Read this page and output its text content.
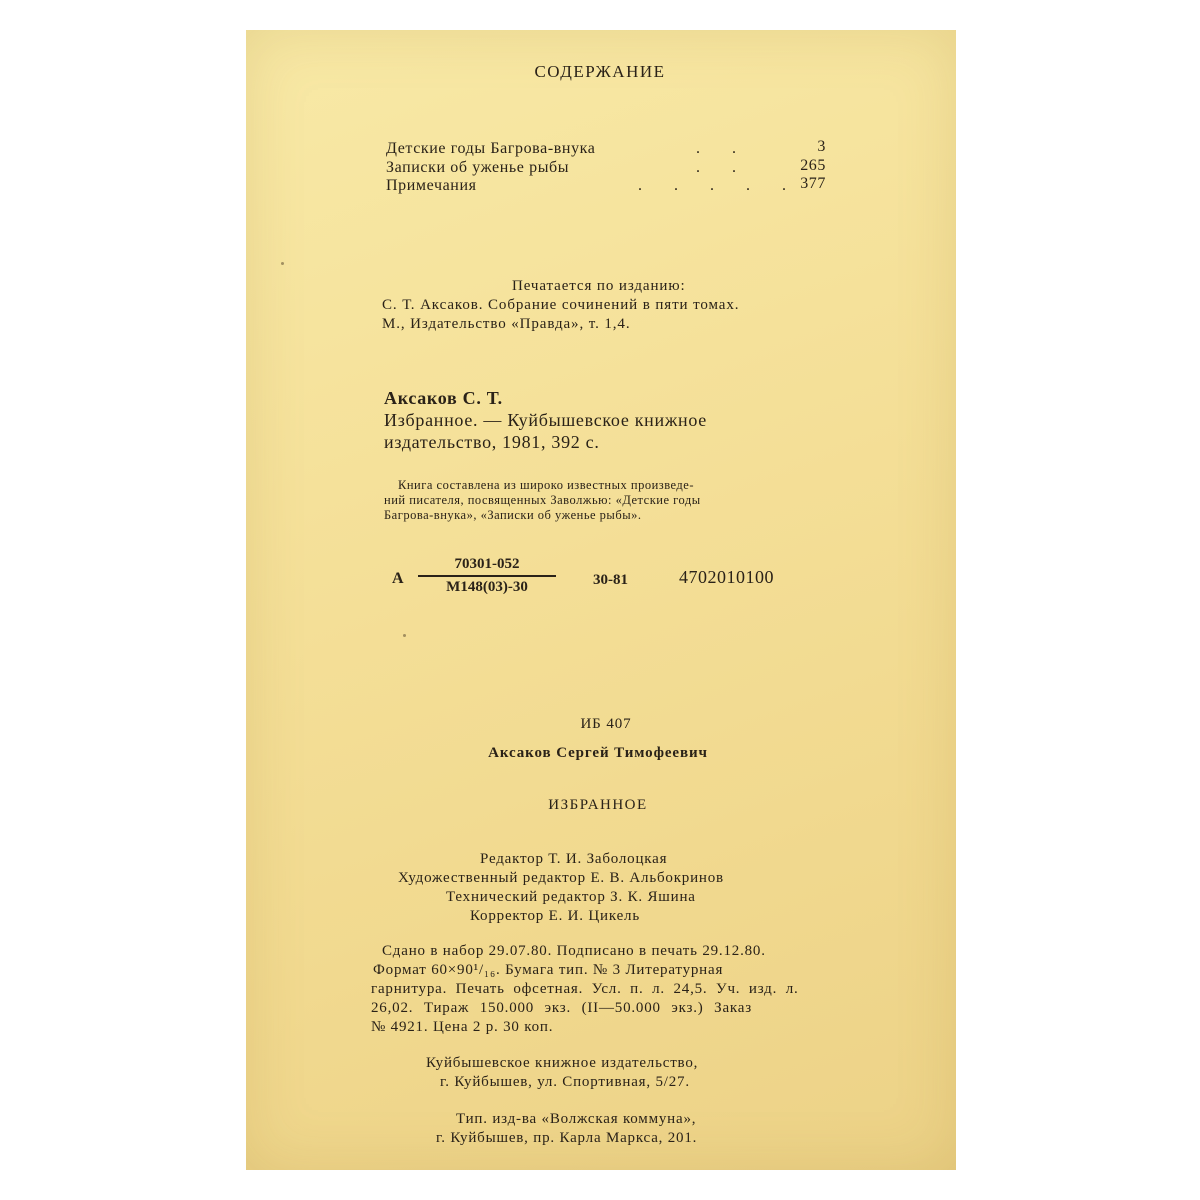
СОДЕРЖАНИЕ
Детские годы Багрова-внука	. .	3
Записки об уженье рыбы	. .	265
Примечания	. . . . . 377
Печатается по изданию:
С. Т. Аксаков. Собрание сочинений в пяти томах.
М., Издательство «Правда», т. 1,4.
Аксаков С. Т.
Избранное. — Куйбышевское книжное
издательство, 1981, 392 с.
Книга составлена из широко известных произведе-
ний писателя, посвященных Заволжью: «Детские годы
Багрова-внука», «Записки об уженье рыбы».
А
70301-052
М148(03)-30	30-81	4702010100
ИБ 407
Аксаков Сергей Тимофеевич
ИЗБРАННОЕ
Редактор Т. И. Заболоцкая
Художественный редактор Е. В. Альбокринов
Технический редактор З. К. Яшина
Корректор Е. И. Цикель
Сдано в набор 29.07.80. Подписано в печать 29.12.80.
Формат 60×90¹/₁₆. Бумага тип. № 3 Литературная
гарнитура. Печать офсетная. Усл. п. л. 24,5. Уч. изд. л.
26,02. Тираж 150.000 экз. (II—50.000 экз.) Заказ
№ 4921. Цена 2 р. 30 коп.
Куйбышевское книжное издательство,
г. Куйбышев, ул. Спортивная, 5/27.
Тип. изд-ва «Волжская коммуна»,
г. Куйбышев, пр. Карла Маркса, 201.
